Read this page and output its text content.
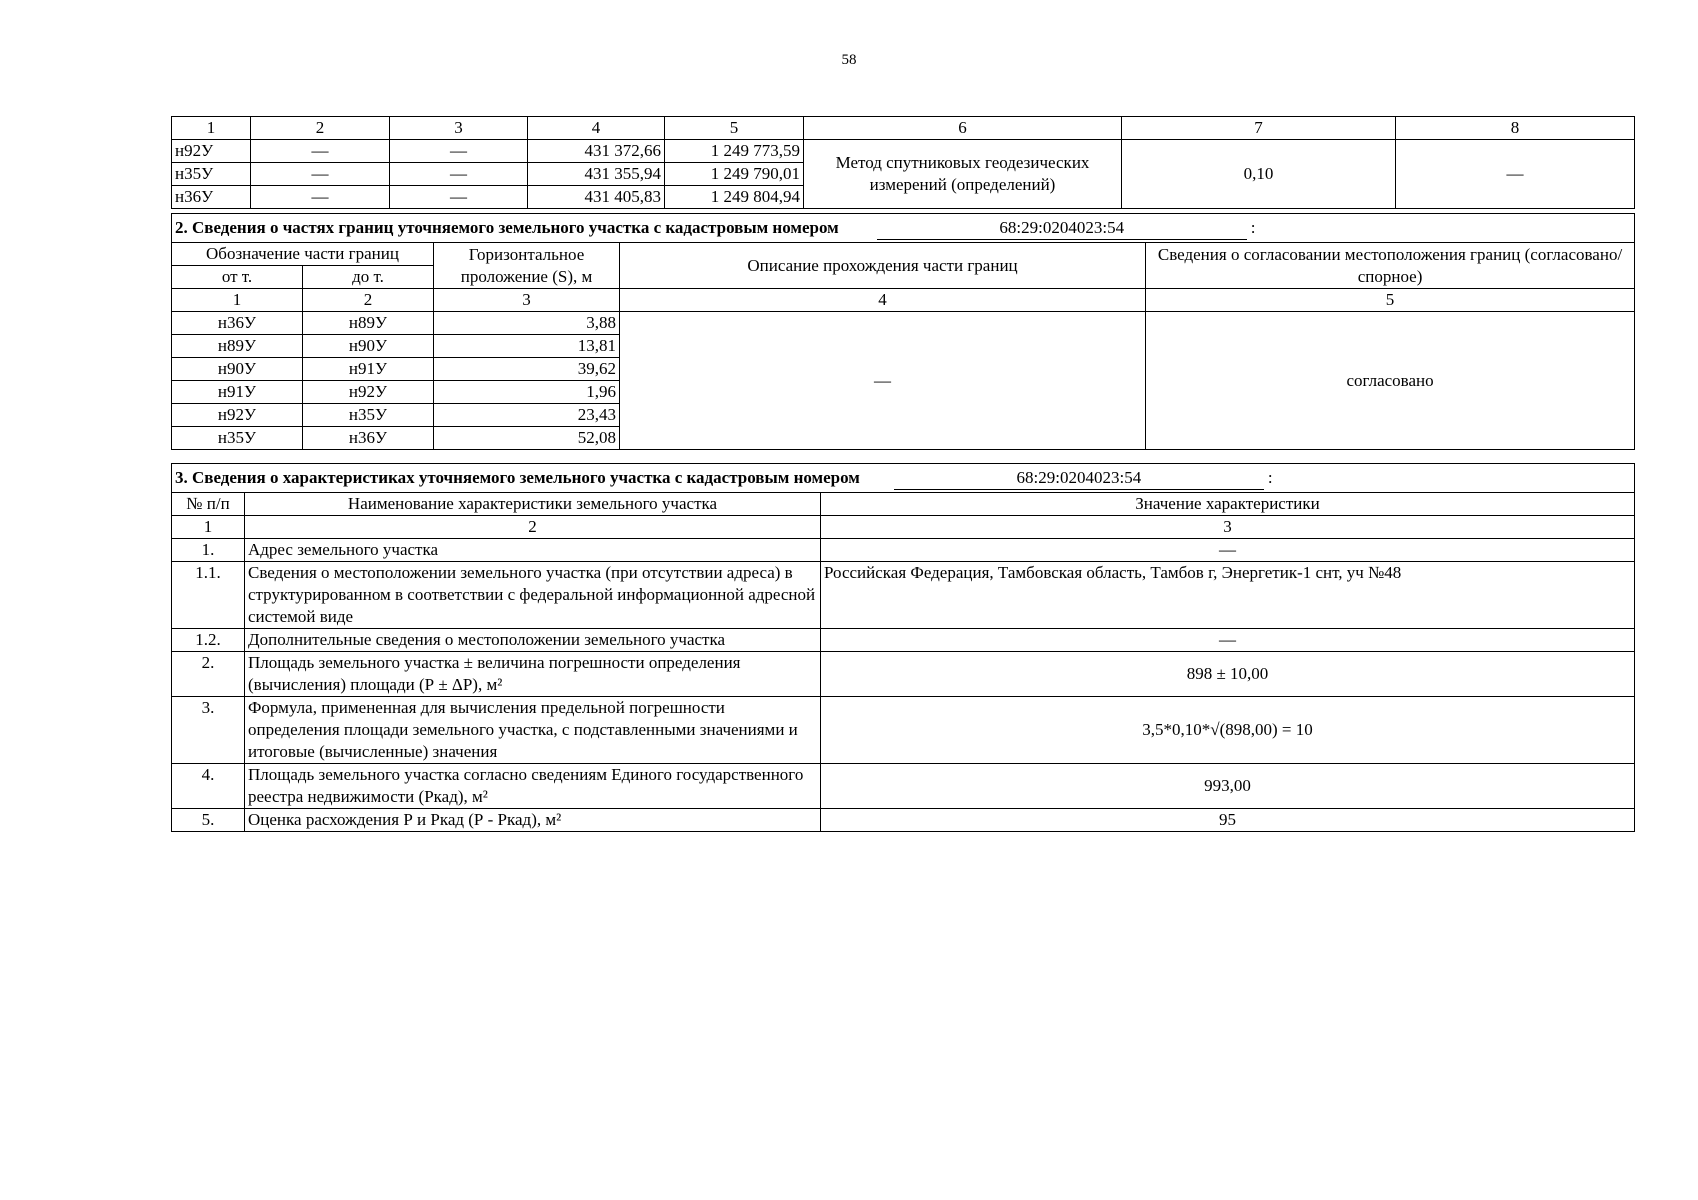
58
1	2	3	4	5	6	7	8
н92У	—	—	431 372,66	1 249 773,59	Метод спутниковых геодезических измерений (определений)	0,10	—
н35У	—	—	431 355,94	1 249 790,01			
н36У	—	—	431 405,83	1 249 804,94			
2. Сведения о частях границ уточняемого земельного участка с кадастровым номером 68:29:0204023:54 :				
Обозначение части границ		Горизонтальное проложение (S), м	Описание прохождения части границ	Сведения о согласовании местоположения границ (согласовано/спорное)
от т.	до т.			
1	2	3	4	5
н36У	н89У	3,88	—	согласовано
н89У	н90У	13,81		
н90У	н91У	39,62		
н91У	н92У	1,96		
н92У	н35У	23,43		
н35У	н36У	52,08		
3. Сведения о характеристиках уточняемого земельного участка с кадастровым номером 68:29:0204023:54 :		
№ п/п	Наименование характеристики земельного участка	Значение характеристики
1	2	3
1.	Адрес земельного участка	—
1.1.	Сведения о местоположении земельного участка (при отсутствии адреса) в структурированном в соответствии с федеральной информационной адресной системой виде	Российская Федерация, Тамбовская область, Тамбов г, Энергетик-1 снт, уч №48
1.2.	Дополнительные сведения о местоположении земельного участка	—
2.	Площадь земельного участка ± величина погрешности определения (вычисления) площади (Р ± ΔР), м²	898 ± 10,00
3.	Формула, примененная для вычисления предельной погрешности определения площади земельного участка, с подставленными значениями и итоговые (вычисленные) значения	3,5*0,10*√(898,00) = 10
4.	Площадь земельного участка согласно сведениям Единого государственного реестра недвижимости (Ркад), м²	993,00
5.	Оценка расхождения Р и Ркад (Р - Ркад), м²	95
